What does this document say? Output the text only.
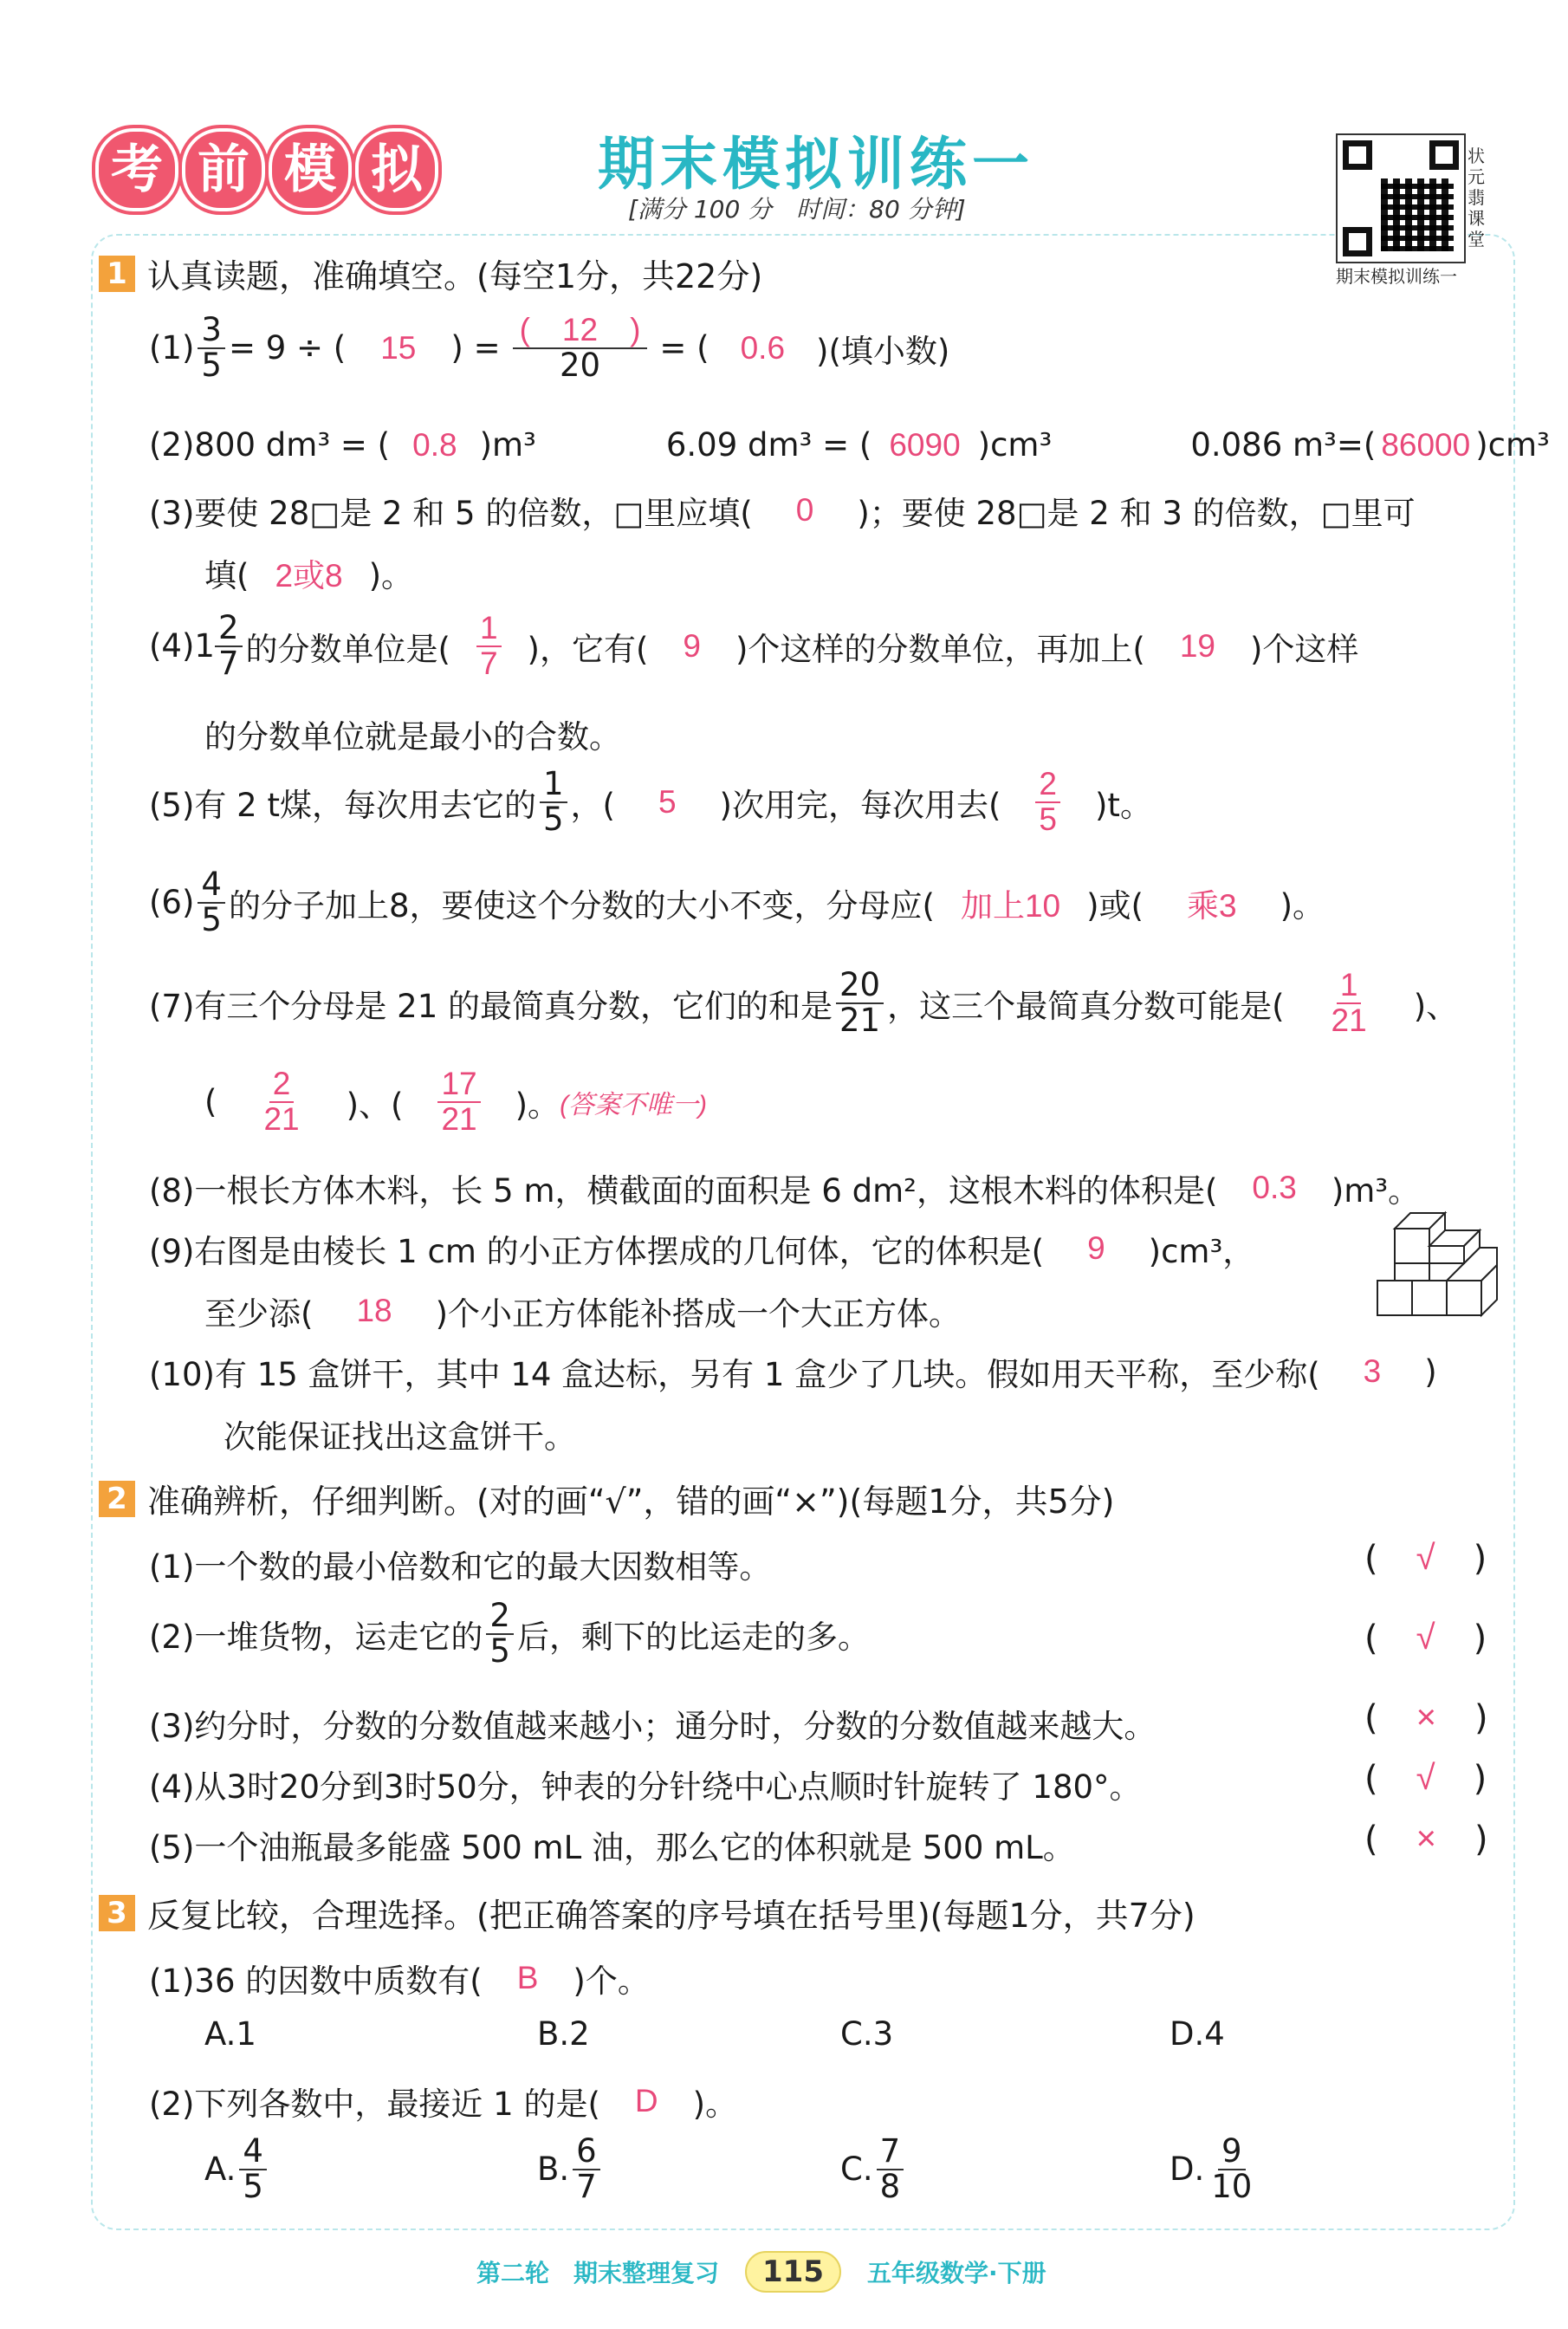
考 前 模 拟	期末模拟训练一
[满分 100 分　时间：80 分钟]
状元翡课堂
期末模拟训练一
1 认真读题，准确填空。(每空1分，共22分)
$(1) \frac{3}{5} = 9$ ÷ ( 15 ) = $\frac{( 12 )}{20}$ = ( 0.6 )(填小数)
(2)800 dm³ = ( 0.8 )m³	6.09 dm³ = ( 6090 )cm³	0.086 m³=( 86000 )cm³
(3)要使 28□是 2 和 5 的倍数，□里应填( 0 )；要使 28□是 2 和 3 的倍数，□里可
填( 2或8 )。
(4)1 2
7 的分数单位是(
1
7 )，它有( 9 )个这样的分数单位，再加上( 19 )个这样
的分数单位就是最小的合数。
(5)有 2 t煤，每次用去它的
1
5 ，( 5 )次用完，每次用去(
2
5 )t。
(6) 4
5 的分子加上8，要使这个分数的大小不变，分母应( 加上10 )或( 乘3 )。
(7)有三个分母是 21 的最简真分数，它们的和是
20
21 ，这三个最简真分数可能是(
1
21 )、
( 2
21 )、(
17
21 )。 (答案不唯一)
(8)一根长方体木料，长 5 m，横截面的面积是 6 dm²，这根木料的体积是( 0.3 )m³。
(9)右图是由棱长 1 cm 的小正方体摆成的几何体，它的体积是( 9 )cm³，
至少添( 18 )个小正方体能补搭成一个大正方体。
(10)有 15 盒饼干，其中 14 盒达标，另有 1 盒少了几块。假如用天平称，至少称( 3 )
次能保证找出这盒饼干。
2 准确辨析，仔细判断。(对的画“√”，错的画“×”)(每题1分，共5分)
(1)一个数的最小倍数和它的最大因数相等。	( √ )
(2)一堆货物，运走它的
2
5 后，剩下的比运走的多。	( √ )
(3)约分时，分数的分数值越来越小；通分时，分数的分数值越来越大。	( × )
(4)从3时20分到3时50分，钟表的分针绕中心点顺时针旋转了 180°。	( √ )
(5)一个油瓶最多能盛 500 mL 油，那么它的体积就是 500 mL。	( × )
3 反复比较，合理选择。(把正确答案的序号填在括号里)(每题1分，共7分)
(1)36 的因数中质数有( B )个。
A.1	B.2	C.3	D.4
(2)下列各数中，最接近 1 的是( D )。
A. 4
5	B. 6
7	C. 7
8	D. 9
10
第二轮　期末整理复习	115	五年级数学·下册
